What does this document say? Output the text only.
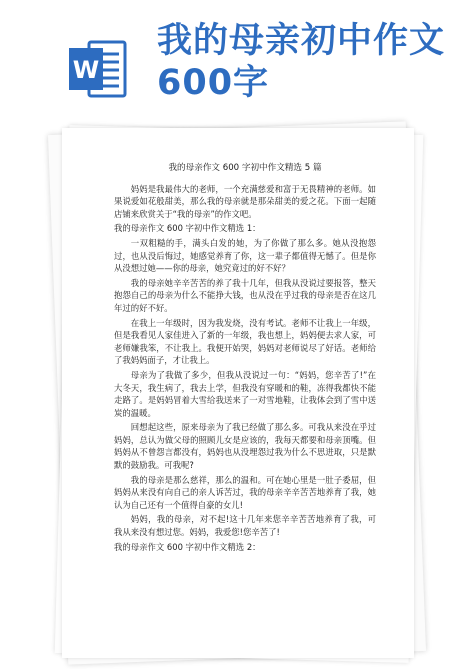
W
我的母亲初中作文
600字
我的母亲作文 600 字初中作文精选 5 篇

妈妈是我最伟大的老师，一个充满慈爱和富于无畏精神的老师。如果说爱如花般甜美，那么我的母亲就是那朵甜美的爱之花。下面一起随店铺来欣赏关于“我的母亲”的作文吧。

我的母亲作文 600 字初中作文精选 1：

一双粗糙的手，满头白发的她，为了你做了那么多。她从没抱怨过，也从没后悔过，她感觉养育了你，这一辈子都值得无憾了。但是你从没想过她——你的母亲，她究竟过的好不好？

我的母亲她辛辛苦苦的养了我十几年，但我从没说过要报答，整天抱怨自己的母亲为什么不能挣大钱，也从没在乎过我的母亲是否在这几年过的好不好。

在我上一年级时，因为我发烧，没有考试。老师不让我上一年级，但是我看见人家佳进入了新的一年级，我也想上，妈妈便去求人家，可老师嫌我笨，不让我上。我便开始哭，妈妈对老师说尽了好话。老师给了我妈妈面子，才让我上。

母亲为了我做了多少，但我从没说过一句：“妈妈，您辛苦了!”在大冬天，我生病了，我去上学，但我没有穿暖和的鞋，冻得我都快不能走路了。是妈妈冒着大雪给我送来了一对雪地鞋，让我体会到了雪中送炭的温暖。

回想起这些，原来母亲为了我已经做了那么多。可我从来没在乎过妈妈，总认为做父母的照顾儿女是应该的，我每天都要和母亲顶嘴。但妈妈从不曾怨言都没有，妈妈也从没埋怨过我为什么不思进取，只是默默的鼓励我。可我呢?

我的母亲是那么慈祥，那么的温和。可在她心里是一肚子委屈，但妈妈从来没有向自己的亲人诉苦过，我的母亲辛辛苦苦地养育了我，她认为自己还有一个值得自豪的女儿!

妈妈，我的母亲，对不起!这十几年来您辛辛苦苦地养育了我，可我从来没有想过您。妈妈，我爱您!您辛苦了!

我的母亲作文 600 字初中作文精选 2：
